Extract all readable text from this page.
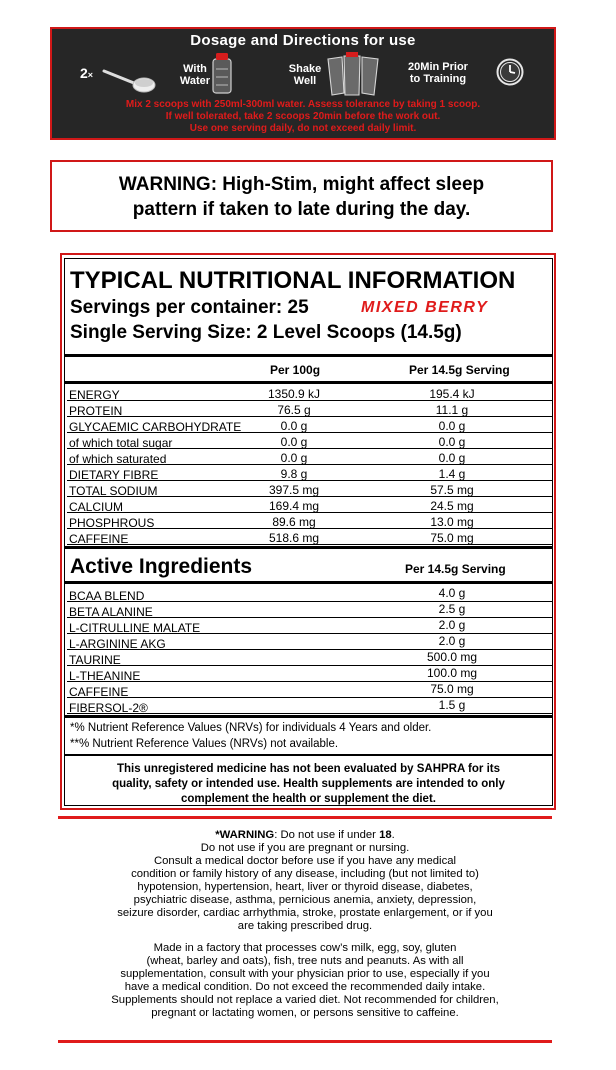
Dosage and Directions for use
2×	With
Water
Shake
Well
20Min Prior
to Training
Mix 2 scoops with 250ml-300ml water. Assess tolerance by taking 1 scoop.
If well tolerated, take 2 scoops 20min before the work out.
Use one serving daily, do not exceed daily limit.
WARNING: High-Stim, might affect sleep
pattern if taken to late during the day.
TYPICAL NUTRITIONAL INFORMATION
Servings per container: 25	MIXED BERRY
Single Serving Size: 2 Level Scoops (14.5g)
Per 100g	Per 14.5g Serving
ENERGY	1350.9 kJ	195.4 kJ
PROTEIN	76.5 g	11.1 g
GLYCAEMIC CARBOHYDRATE	0.0 g	0.0 g
of which total sugar	0.0 g	0.0 g
of which saturated	0.0 g	0.0 g
DIETARY FIBRE	9.8 g	1.4 g
TOTAL SODIUM	397.5 mg	57.5 mg
CALCIUM	169.4 mg	24.5 mg
PHOSPHROUS	89.6 mg	13.0 mg
CAFFEINE	518.6 mg	75.0 mg
Active Ingredients	Per 14.5g Serving
BCAA BLEND	4.0 g
BETA ALANINE	2.5 g
L-CITRULLINE MALATE	2.0 g
L-ARGININE AKG	2.0 g
TAURINE	500.0 mg
L-THEANINE	100.0 mg
CAFFEINE	75.0 mg
FIBERSOL-2®	1.5 g
*% Nutrient Reference Values (NRVs) for individuals 4 Years and older.
**% Nutrient Reference Values (NRVs) not available.
This unregistered medicine has not been evaluated by SAHPRA for its
quality, safety or intended use. Health supplements are intended to only
complement the health or supplement the diet.
*WARNING: Do not use if under 18.
Do not use if you are pregnant or nursing.
Consult a medical doctor before use if you have any medical
condition or family history of any disease, including (but not limited to)
hypotension, hypertension, heart, liver or thyroid disease, diabetes,
psychiatric disease, asthma, pernicious anemia, anxiety, depression,
seizure disorder, cardiac arrhythmia, stroke, prostate enlargement, or if you
are taking prescribed drug.
Made in a factory that processes cow’s milk, egg, soy, gluten
(wheat, barley and oats), fish, tree nuts and peanuts. As with all
supplementation, consult with your physician prior to use, especially if you
have a medical condition. Do not exceed the recommended daily intake.
Supplements should not replace a varied diet. Not recommended for children,
pregnant or lactating women, or persons sensitive to caffeine.
